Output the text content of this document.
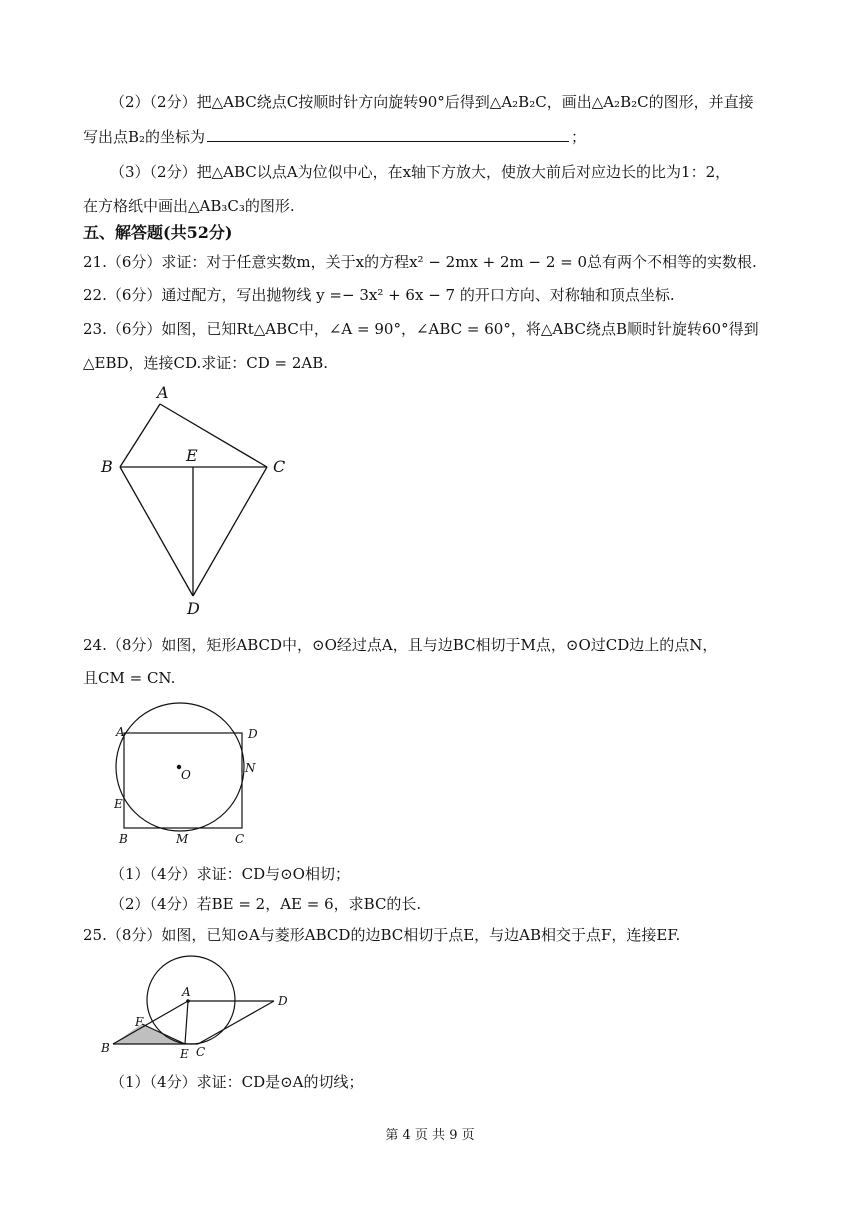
（2）（2分）把△ABC绕点C按顺时针方向旋转90°后得到△A₂B₂C，画出△A₂B₂C的图形，并直接
写出点B₂的坐标为	；
（3）（2分）把△ABC以点A为位似中心，在x轴下方放大，使放大前后对应边长的比为1：2，
在方格纸中画出△AB₃C₃的图形.
五、解答题(共52分)
21.（6分）求证：对于任意实数m，关于x的方程x² − 2mx + 2m − 2 = 0总有两个不相等的实数根.
22.（6分）通过配方，写出抛物线 y =− 3x² + 6x − 7 的开口方向、对称轴和顶点坐标.
23.（6分）如图，已知Rt△ABC中，∠A = 90°，∠ABC = 60°，将△ABC绕点B顺时针旋转60°得到
△EBD，连接CD.求证：CD = 2AB.
A
B	C
E
D
24.（8分）如图，矩形ABCD中，⊙O经过点A，且与边BC相切于M点，⊙O过CD边上的点N，
且CM = CN.
A	D
N
O
E
B	M	C
（1）（4分）求证：CD与⊙O相切；
（2）（4分）若BE = 2，AE = 6，求BC的长.
25.（8分）如图，已知⊙A与菱形ABCD的边BC相切于点E，与边AB相交于点F，连接EF.
A
D
F
B	E C
（1）（4分）求证：CD是⊙A的切线；
第 4 页 共 9 页
